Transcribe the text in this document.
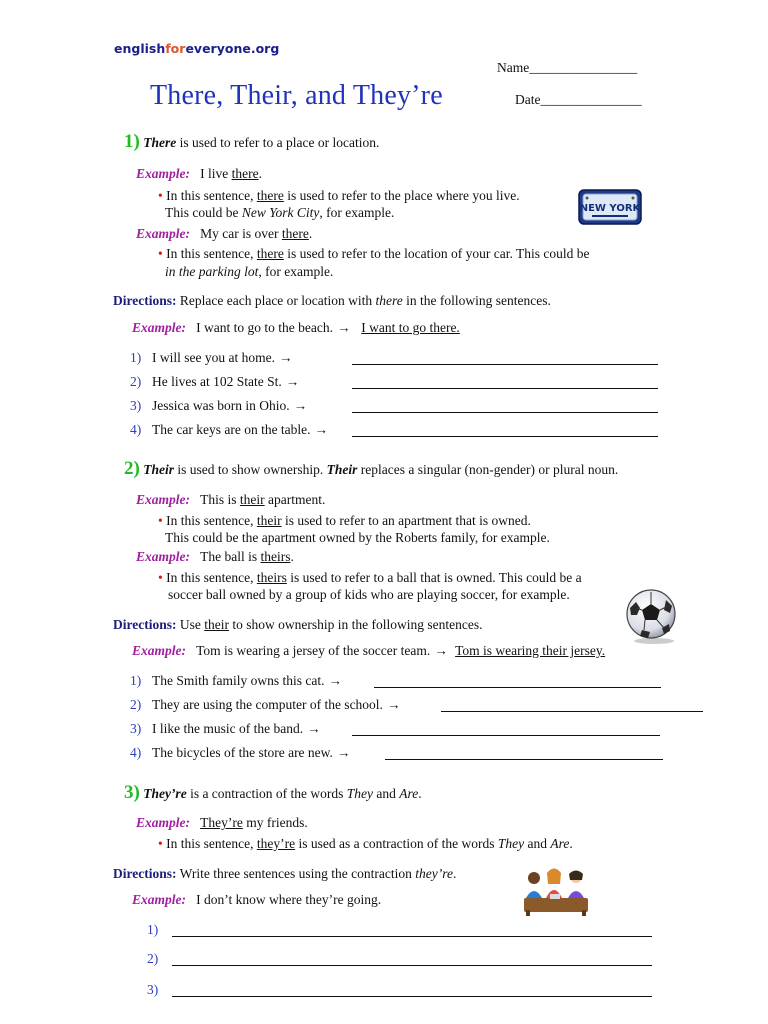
englishforeveryone.org
Name________________
Date_______________
There, Their, and They’re
1) There is used to refer to a place or location.
Example: I live there.
• In this sentence, there is used to refer to the place where you live.
This could be New York City, for example.	NEW YORK
Example: My car is over there.
• In this sentence, there is used to refer to the location of your car. This could be
in the parking lot, for example.
Directions: Replace each place or location with there in the following sentences.
Example: I want to go to the beach. → I want to go there.
1) I will see you at home. →
2) He lives at 102 State St. →
3) Jessica was born in Ohio. →
4) The car keys are on the table. →
2) Their is used to show ownership. Their replaces a singular (non-gender) or plural noun.
Example: This is their apartment.
• In this sentence, their is used to refer to an apartment that is owned.
This could be the apartment owned by the Roberts family, for example.
Example: The ball is theirs.
• In this sentence, theirs is used to refer to a ball that is owned. This could be a
soccer ball owned by a group of kids who are playing soccer, for example.
Directions: Use their to show ownership in the following sentences.
Example: Tom is wearing a jersey of the soccer team. → Tom is wearing their jersey.
1) The Smith family owns this cat. →
2) They are using the computer of the school. →
3) I like the music of the band. →
4) The bicycles of the store are new. →
3) They’re is a contraction of the words They and Are.
Example: They’re my friends.
• In this sentence, they’re is used as a contraction of the words They and Are.
Directions: Write three sentences using the contraction they’re.
Example: I don’t know where they’re going.
1)
2)
3)
